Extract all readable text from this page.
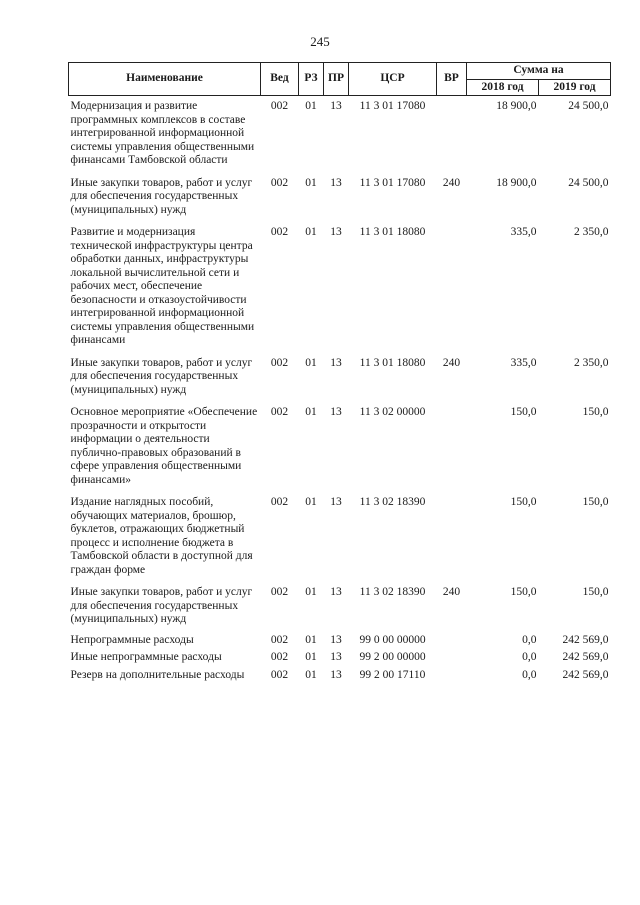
245
Наименование	Вед	РЗ	ПР	ЦСР	ВР	Сумма на	
						2018 год	2019 год
Модернизация и развитие программных комплексов в составе интегрированной информационной системы управления общественными финансами Тамбовской области	002	01	13	11 3 01 17080		18 900,0	24 500,0
Иные закупки товаров, работ и услуг для обеспечения государственных (муниципальных) нужд	002	01	13	11 3 01 17080	240	18 900,0	24 500,0
Развитие и модернизация технической инфраструктуры центра обработки данных, инфраструктуры локальной вычислительной сети и рабочих мест, обеспечение безопасности и отказоустойчивости интегрированной информационной системы управления общественными финансами	002	01	13	11 3 01 18080		335,0	2 350,0
Иные закупки товаров, работ и услуг для обеспечения государственных (муниципальных) нужд	002	01	13	11 3 01 18080	240	335,0	2 350,0
Основное мероприятие «Обеспечение прозрачности и открытости информации о деятельности публично-правовых образований в сфере управления общественными финансами»	002	01	13	11 3 02 00000		150,0	150,0
Издание наглядных пособий, обучающих материалов, брошюр, буклетов, отражающих бюджетный процесс и исполнение бюджета в Тамбовской области в доступной для граждан форме	002	01	13	11 3 02 18390		150,0	150,0
Иные закупки товаров, работ и услуг для обеспечения государственных (муниципальных) нужд	002	01	13	11 3 02 18390	240	150,0	150,0
Непрограммные расходы	002	01	13	99 0 00 00000		0,0	242 569,0
Иные непрограммные расходы	002	01	13	99 2 00 00000		0,0	242 569,0
Резерв на дополнительные расходы	002	01	13	99 2 00 17110		0,0	242 569,0
